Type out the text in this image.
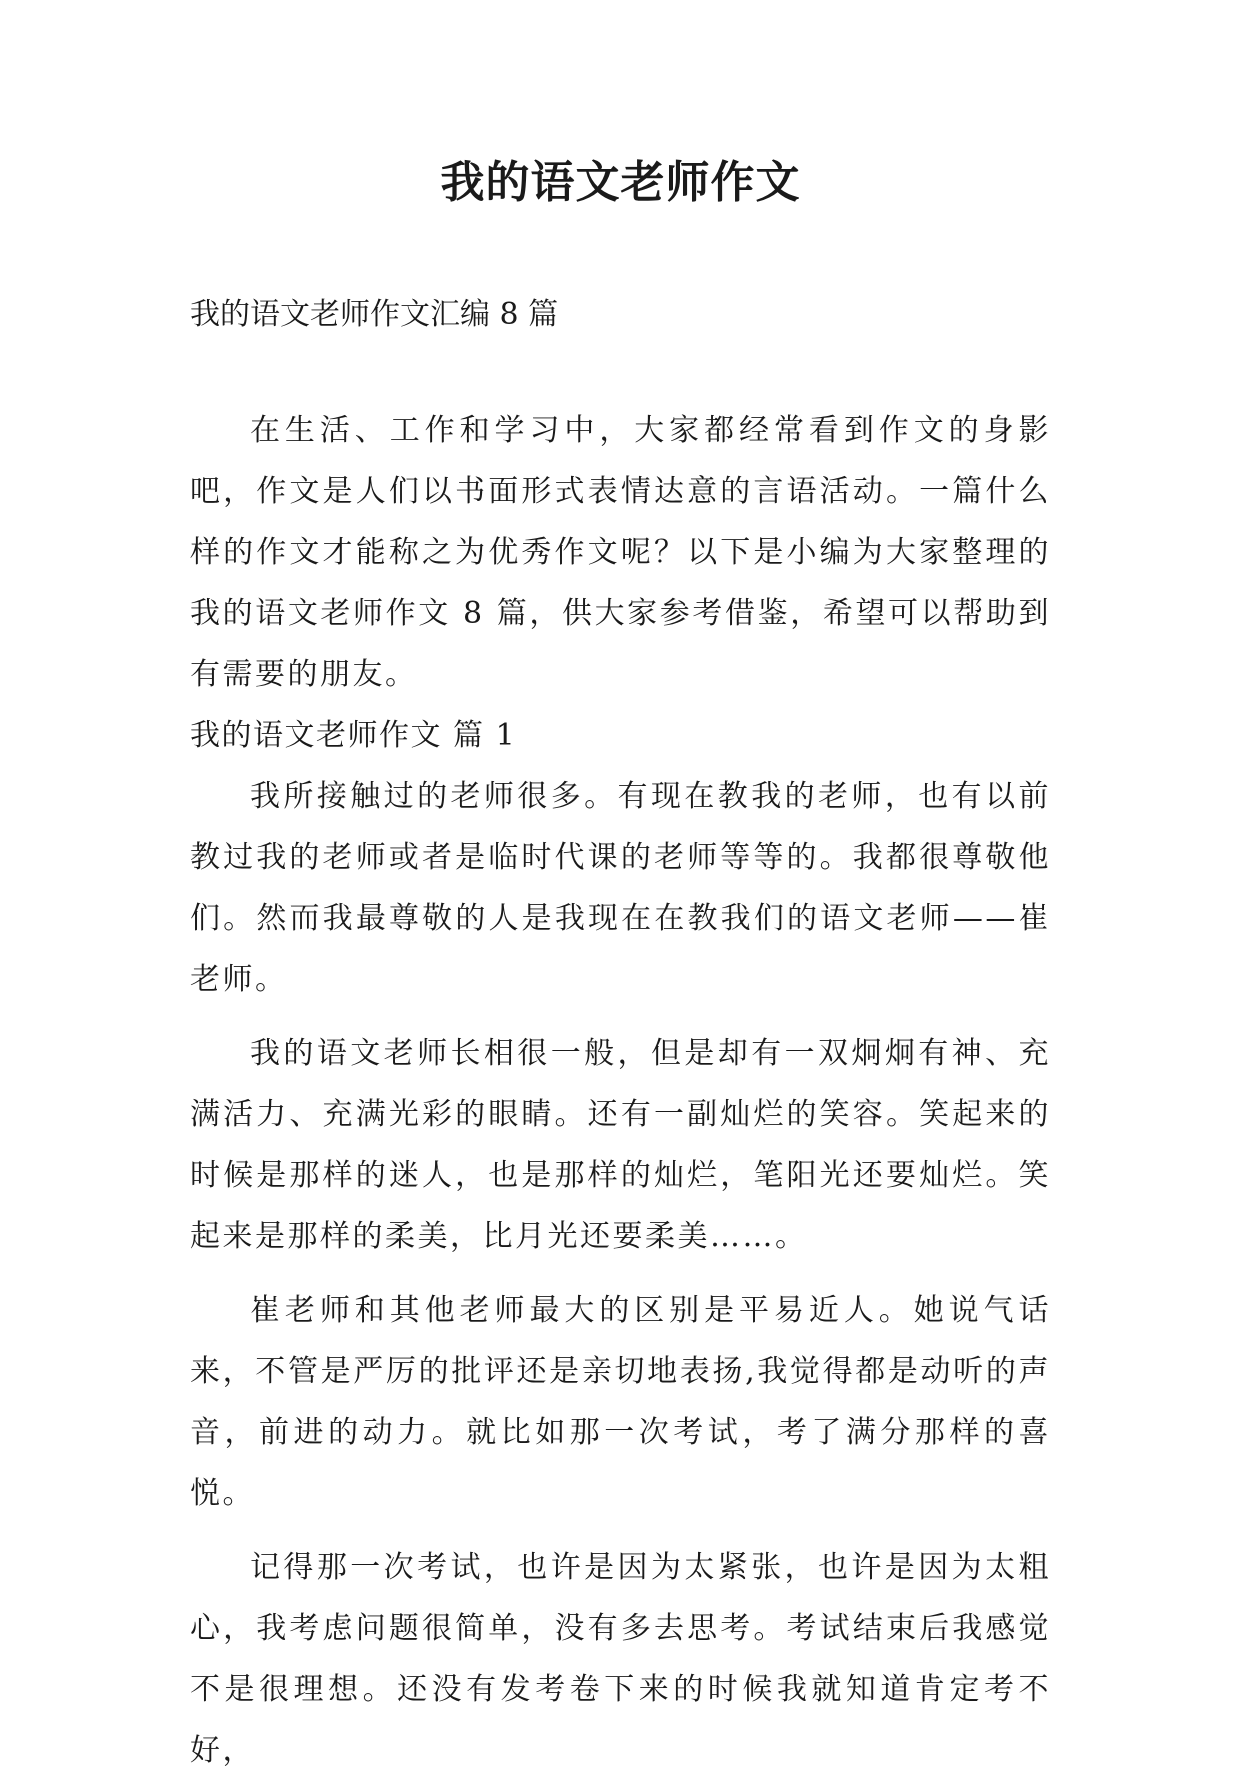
我的语文老师作文
我的语文老师作文汇编 8 篇

在生活、工作和学习中，大家都经常看到作文的身影吧，作文是人们以书面形式表情达意的言语活动。一篇什么样的作文才能称之为优秀作文呢？以下是小编为大家整理的我的语文老师作文 8 篇，供大家参考借鉴，希望可以帮助到有需要的朋友。

我的语文老师作文 篇 1

我所接触过的老师很多。有现在教我的老师，也有以前教过我的老师或者是临时代课的老师等等的。我都很尊敬他们。然而我最尊敬的人是我现在在教我们的语文老师——崔老师。

我的语文老师长相很一般，但是却有一双炯炯有神、充满活力、充满光彩的眼睛。还有一副灿烂的笑容。笑起来的时候是那样的迷人，也是那样的灿烂，笔阳光还要灿烂。笑起来是那样的柔美，比月光还要柔美……。

崔老师和其他老师最大的区别是平易近人。她说气话来，不管是严厉的批评还是亲切地表扬,我觉得都是动听的声音，前进的动力。就比如那一次考试，考了满分那样的喜悦。

记得那一次考试，也许是因为太紧张，也许是因为太粗心，我考虑问题很简单，没有多去思考。考试结束后我感觉不是很理想。还没有发考卷下来的时候我就知道肯定考不好，
